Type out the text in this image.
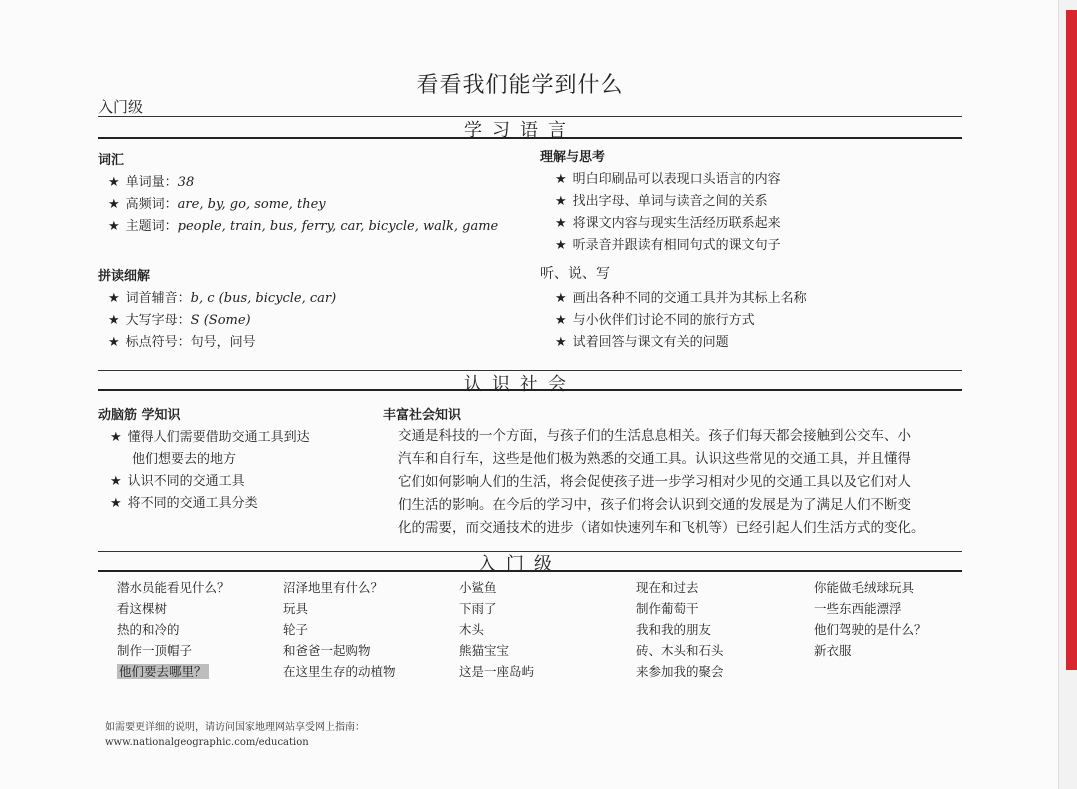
看看我们能学到什么
入门级
学习语言
词汇
★ 单词量：38
★ 高频词：are, by, go, some, they
★ 主题词：people, train, bus, ferry, car, bicycle, walk, game
拼读细解
★ 词首辅音：b, c (bus, bicycle, car)
★ 大写字母：S (Some)
★ 标点符号：句号，问号
理解与思考
★ 明白印刷品可以表现口头语言的内容
★ 找出字母、单词与读音之间的关系
★ 将课文内容与现实生活经历联系起来
★ 听录音并跟读有相同句式的课文句子
听、说、写
★ 画出各种不同的交通工具并为其标上名称
★ 与小伙伴们讨论不同的旅行方式
★ 试着回答与课文有关的问题
认识社会
动脑筋 学知识
★ 懂得人们需要借助交通工具到达
他们想要去的地方
★ 认识不同的交通工具
★ 将不同的交通工具分类
丰富社会知识
交通是科技的一个方面，与孩子们的生活息息相关。孩子们每天都会接触到公交车、小
汽车和自行车，这些是他们极为熟悉的交通工具。认识这些常见的交通工具，并且懂得
它们如何影响人们的生活，将会促使孩子进一步学习相对少见的交通工具以及它们对人
们生活的影响。在今后的学习中，孩子们将会认识到交通的发展是为了满足人们不断变
化的需要，而交通技术的进步（诸如快速列车和飞机等）已经引起人们生活方式的变化。
入门级
潜水员能看见什么？
看这棵树
热的和冷的
制作一顶帽子
他们要去哪里？
沼泽地里有什么？
玩具
轮子
和爸爸一起购物
在这里生存的动植物
小鲨鱼
下雨了
木头
熊猫宝宝
这是一座岛屿
现在和过去
制作葡萄干
我和我的朋友
砖、木头和石头
来参加我的聚会
你能做毛绒球玩具
一些东西能漂浮
他们驾驶的是什么？
新衣服
如需要更详细的说明，请访问国家地理网站享受网上指南：
www.nationalgeographic.com/education
